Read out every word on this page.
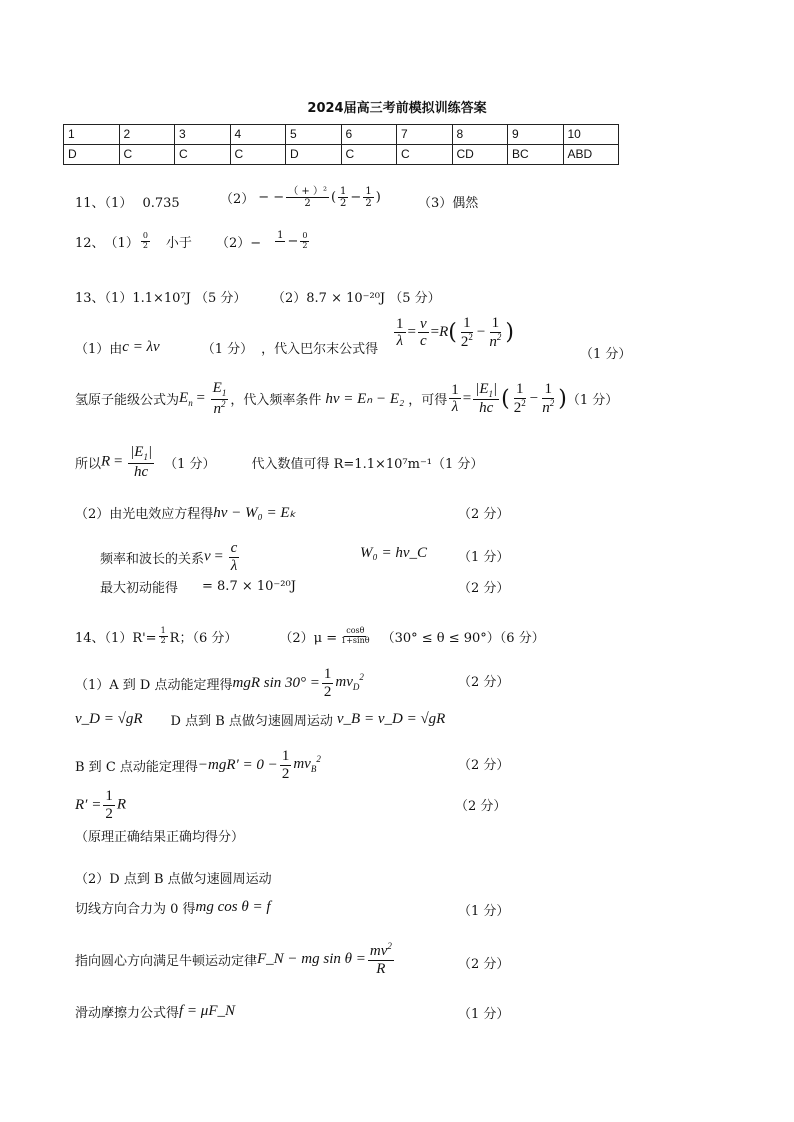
2024届高三考前模拟训练答案
1	2	3	4	5	6	7	8	9	10
D	C	C	C	D	C	C	CD	BC	ABD
11、（1） 0.735	（2） − − $\frac{\text{（ + ）²}}{2}$ ( $\frac{1}{2} - \frac{1}{2}$ )	（3）偶然
12、 $(1) \frac{0}{2}$ 小于 （2）−
$1 - \frac{0}{2}$
13、（1）1.1×10⁷J （5 分） （2）8.7 × 10⁻²⁰J （5 分）
（1）由 c = λν	（1 分） ，代入巴尔末公式得 $\frac{1}{\lambda} = \frac{\nu}{c} = R$ ( $\frac{1}{2^2} - \frac{1}{n^2}$ )
（1 分）
氢原子能级公式为 $E_n = \frac{E_1}{n^2}$ ，代入频率条件 hν = Eₙ − E₂ ，可得 $\frac{1}{\lambda} = \frac{|E_1|}{hc}$ ( $\frac{1}{2^2} - \frac{1}{n^2}$ ) （1 分）
所以 $R = \frac{|E_1|}{hc} (1$ 分）	代入数值可得 R=1.1×10⁷m⁻¹ （1 分）
（2）由光电效应方程得 hν − W₀ = Eₖ	（2 分）
频率和波长的关系 $\nu = \frac{c}{\lambda}$	W₀ = hν_C （1 分）
最大初动能得 = 8.7 × 10⁻²⁰J	（2 分）
14、$(1)R'= \frac{1}{2}$ R；（6 分）	$(2)\mu = \frac{\cos\theta}{1+\sin\theta} (30^\circ \le \theta \le 90^\circ)(6$ 分）
（1）A 到 D 点动能定理得 mgR $\sin 30^\circ = \frac{1}{2} mv_D^2$	（2 分）
v_D = √gR D 点到 B 点做匀速圆周运动 v_B = v_D = √gR
B 到 C 点动能定理得 $-mgR' = 0 - \frac{1}{2} mv_B^2$	（2 分）
$R' = \frac{1}{2}$ R	（2 分）
（原理正确结果正确均得分）
（2）D 点到 B 点做匀速圆周运动
切线方向合力为 0 得 mg cos θ = f	（1 分）
指向圆心方向满足牛顿运动定律 F_N − mg $\sin \theta = \frac{mv^2}{R}$	（2 分）
滑动摩擦力公式得 f = μF_N	（1 分）
